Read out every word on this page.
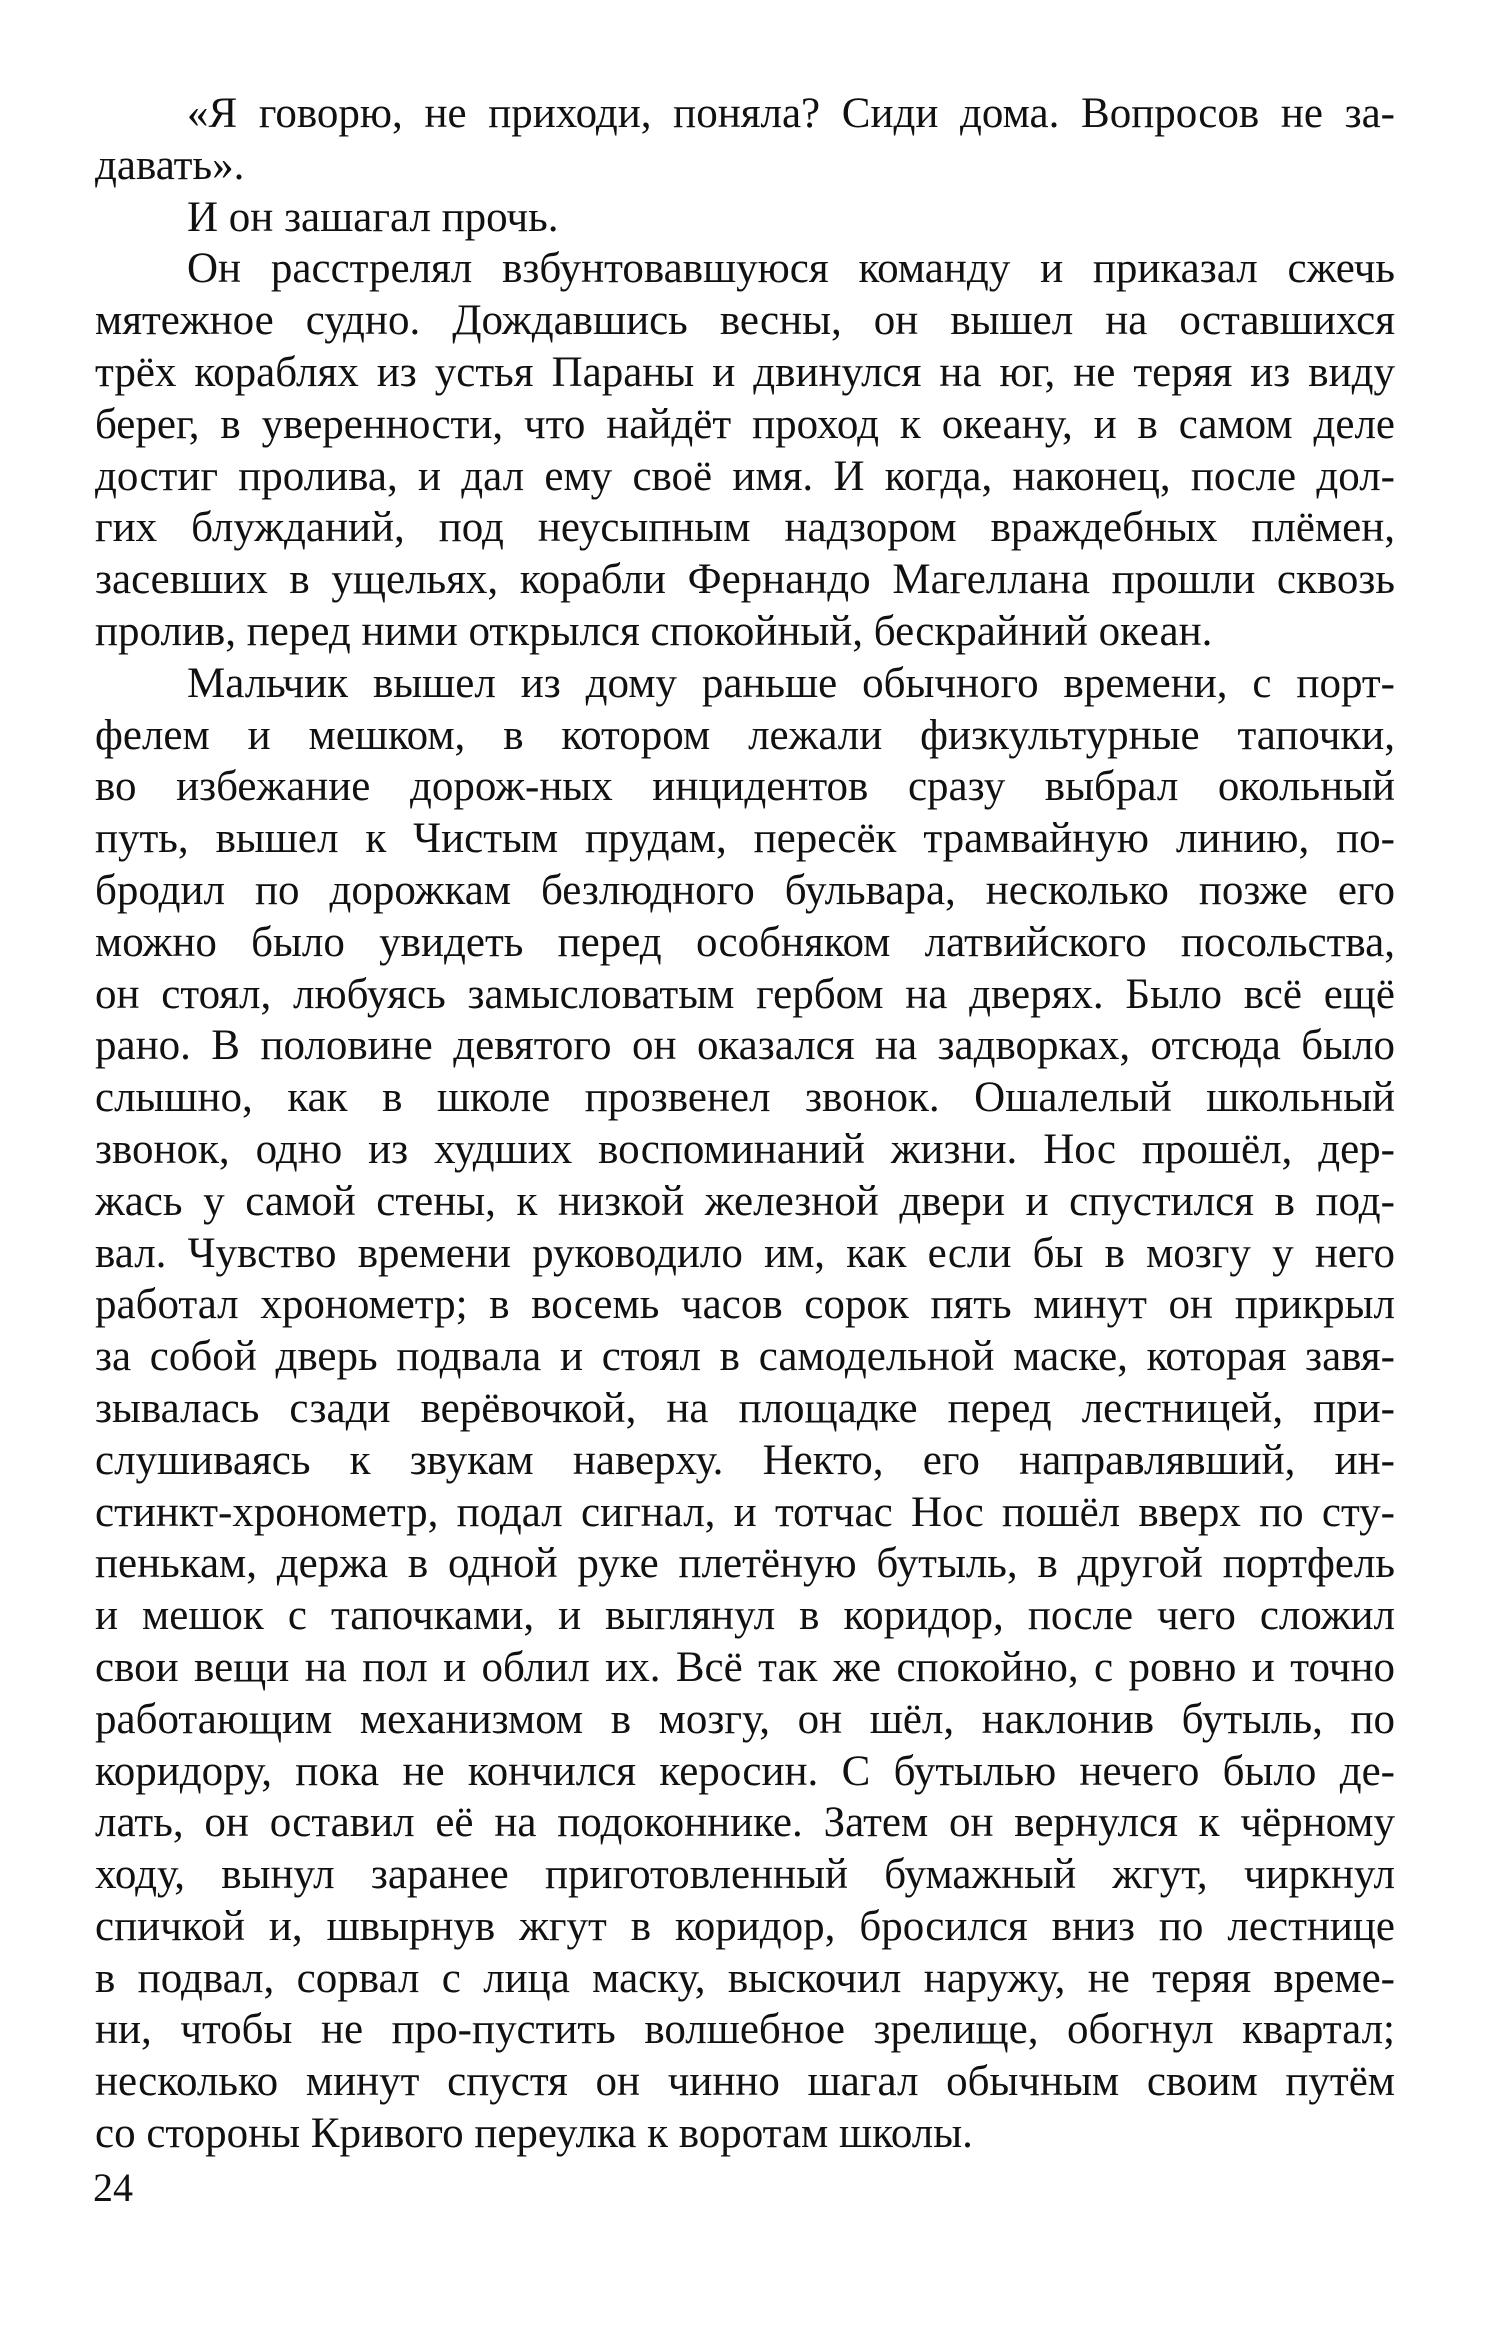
«Я говорю, не приходи, поняла? Сиди дома. Вопросов не за-
давать».
И он зашагал прочь.
Он расстрелял взбунтовавшуюся команду и приказал сжечь
мятежное судно. Дождавшись весны, он вышел на оставшихся
трёх кораблях из устья Параны и двинулся на юг, не теряя из виду
берег, в уверенности, что найдёт проход к океану, и в самом деле
достиг пролива, и дал ему своё имя. И когда, наконец, после дол-
гих блужданий, под неусыпным надзором враждебных плёмен,
засевших в ущельях, корабли Фернандо Магеллана прошли сквозь
пролив, перед ними открылся спокойный, бескрайний океан.
Мальчик вышел из дому раньше обычного времени, с порт-
фелем и мешком, в котором лежали физкультурные тапочки,
во избежание дорож-ных инцидентов сразу выбрал окольный
путь, вышел к Чистым прудам, пересёк трамвайную линию, по-
бродил по дорожкам безлюдного бульвара, несколько позже его
можно было увидеть перед особняком латвийского посольства,
он стоял, любуясь замысловатым гербом на дверях. Было всё ещё
рано. В половине девятого он оказался на задворках, отсюда было
слышно, как в школе прозвенел звонок. Ошалелый школьный
звонок, одно из худших воспоминаний жизни. Нос прошёл, дер-
жась у самой стены, к низкой железной двери и спустился в под-
вал. Чувство времени руководило им, как если бы в мозгу у него
работал хронометр; в восемь часов сорок пять минут он прикрыл
за собой дверь подвала и стоял в самодельной маске, которая завя-
зывалась сзади верёвочкой, на площадке перед лестницей, при-
слушиваясь к звукам наверху. Некто, его направлявший, ин-
стинкт-хронометр, подал сигнал, и тотчас Нос пошёл вверх по сту-
пенькам, держа в одной руке плетёную бутыль, в другой портфель
и мешок с тапочками, и выглянул в коридор, после чего сложил
свои вещи на пол и облил их. Всё так же спокойно, с ровно и точно
работающим механизмом в мозгу, он шёл, наклонив бутыль, по
коридору, пока не кончился керосин. С бутылью нечего было де-
лать, он оставил её на подоконнике. Затем он вернулся к чёрному
ходу, вынул заранее приготовленный бумажный жгут, чиркнул
спичкой и, швырнув жгут в коридор, бросился вниз по лестнице
в подвал, сорвал с лица маску, выскочил наружу, не теряя време-
ни, чтобы не про-пустить волшебное зрелище, обогнул квартал;
несколько минут спустя он чинно шагал обычным своим путём
со стороны Кривого переулка к воротам школы.
24
